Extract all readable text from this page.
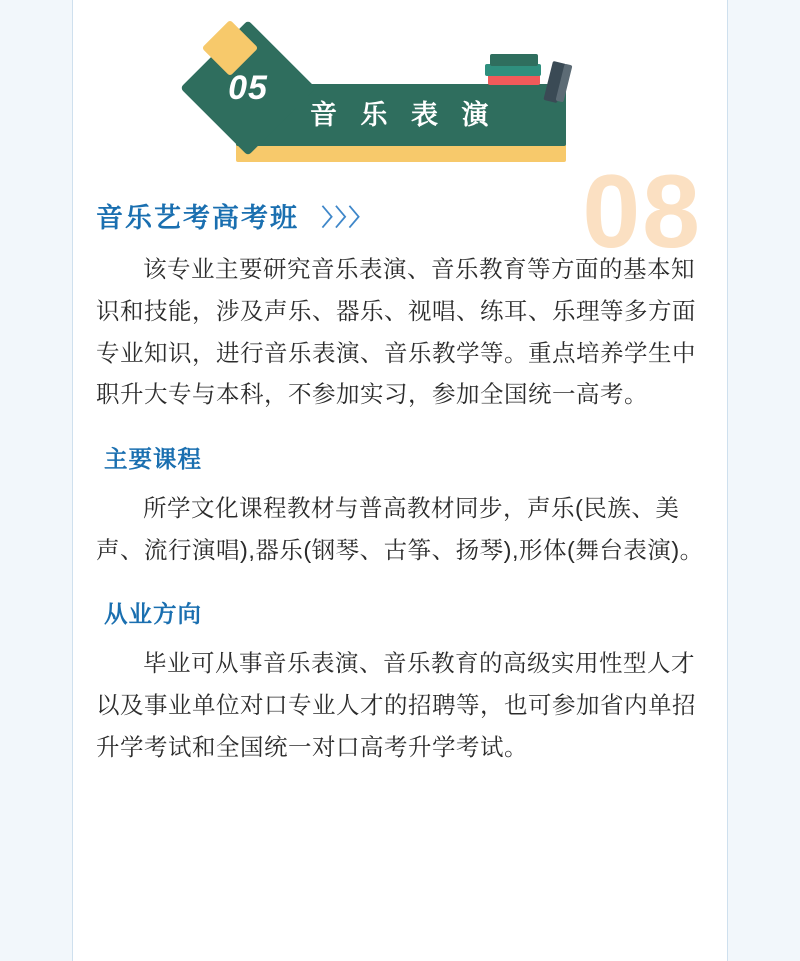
音 乐 表 演
05
08
音乐艺考高考班 〉〉〉

该专业主要研究音乐表演、音乐教育等方面的基本知识和技能，涉及声乐、器乐、视唱、练耳、乐理等多方面专业知识，进行音乐表演、音乐教学等。重点培养学生中职升大专与本科，不参加实习，参加全国统一高考。

主要课程

所学文化课程教材与普高教材同步，声乐(民族、美声、流行演唱),器乐(钢琴、古筝、扬琴),形体(舞台表演)。

从业方向

毕业可从事音乐表演、音乐教育的高级实用性型人才以及事业单位对口专业人才的招聘等，也可参加省内单招升学考试和全国统一对口高考升学考试。
